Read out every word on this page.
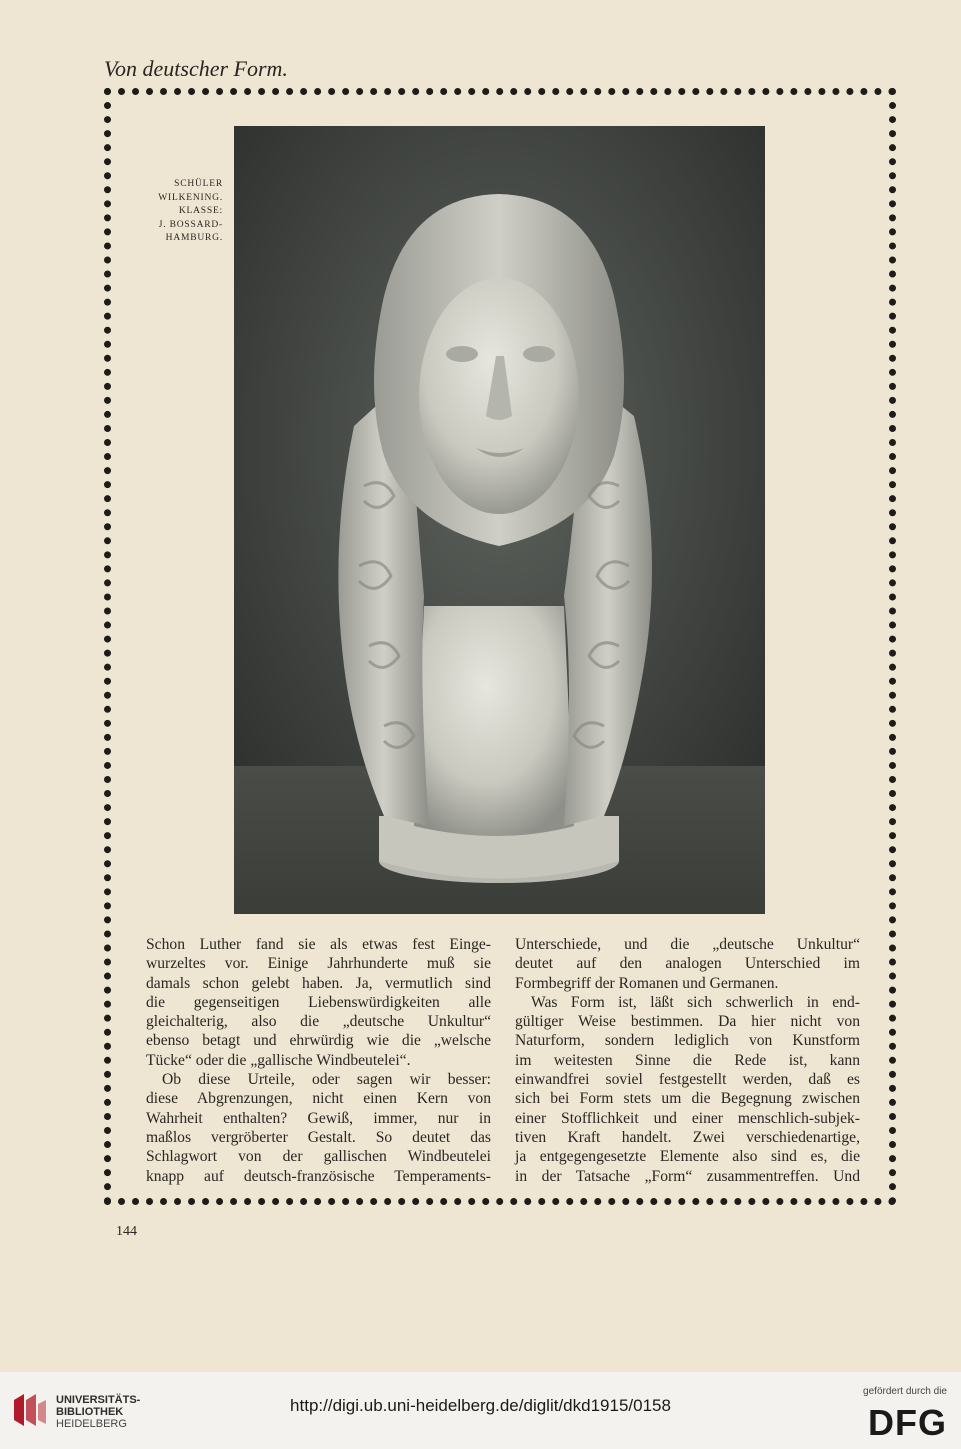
Von deutscher Form.
SCHÜLER
WILKENING.
KLASSE:
J. BOSSARD-
HAMBURG.
Schon Luther fand sie als etwas fest Einge-
wurzeltes vor. Einige Jahrhunderte muß sie
damals schon gelebt haben. Ja, vermutlich sind
die gegenseitigen Liebenswürdigkeiten alle
gleichalterig, also die „deutsche Unkultur“
ebenso betagt und ehrwürdig wie die „welsche
Tücke“ oder die „gallische Windbeutelei“.
Ob diese Urteile, oder sagen wir besser:
diese Abgrenzungen, nicht einen Kern von
Wahrheit enthalten? Gewiß, immer, nur in
maßlos vergröberter Gestalt. So deutet das
Schlagwort von der gallischen Windbeutelei
knapp auf deutsch-französische Temperaments-
Unterschiede, und die „deutsche Unkultur“
deutet auf den analogen Unterschied im
Formbegriff der Romanen und Germanen.
Was Form ist, läßt sich schwerlich in end-
gültiger Weise bestimmen. Da hier nicht von
Naturform, sondern lediglich von Kunstform
im weitesten Sinne die Rede ist, kann
einwandfrei soviel festgestellt werden, daß es
sich bei Form stets um die Begegnung zwischen
einer Stofflichkeit und einer menschlich-subjek-
tiven Kraft handelt. Zwei verschiedenartige,
ja entgegengesetzte Elemente also sind es, die
in der Tatsache „Form“ zusammentreffen. Und
144
UNIVERSITÄTS-
BIBLIOTHEK
HEIDELBERG
http://digi.ub.uni-heidelberg.de/diglit/dkd1915/0158
gefördert durch die
DFG
